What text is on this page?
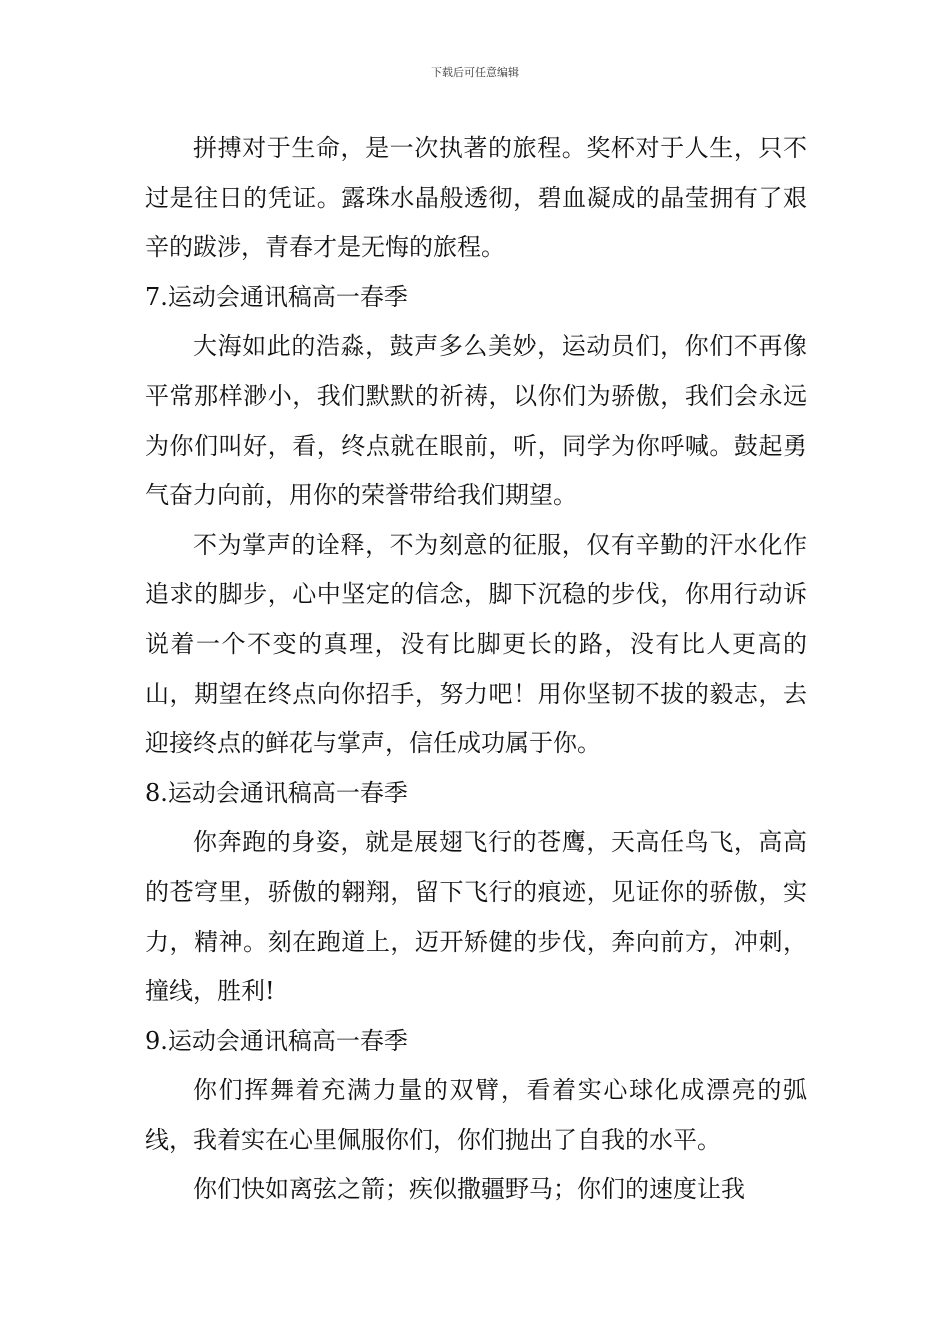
下载后可任意编辑

拼搏对于生命，是一次执著的旅程。奖杯对于人生，只不过是往日的凭证。露珠水晶般透彻，碧血凝成的晶莹拥有了艰辛的跋涉，青春才是无悔的旅程。

7.运动会通讯稿高一春季

大海如此的浩淼，鼓声多么美妙，运动员们，你们不再像平常那样渺小，我们默默的祈祷，以你们为骄傲，我们会永远为你们叫好，看，终点就在眼前，听，同学为你呼喊。鼓起勇气奋力向前，用你的荣誉带给我们期望。

不为掌声的诠释，不为刻意的征服，仅有辛勤的汗水化作追求的脚步，心中坚定的信念，脚下沉稳的步伐，你用行动诉说着一个不变的真理，没有比脚更长的路，没有比人更高的山，期望在终点向你招手，努力吧！用你坚韧不拔的毅志，去迎接终点的鲜花与掌声，信任成功属于你。

8.运动会通讯稿高一春季

你奔跑的身姿，就是展翅飞行的苍鹰，天高任鸟飞，高高的苍穹里，骄傲的翱翔，留下飞行的痕迹，见证你的骄傲，实力，精神。刻在跑道上，迈开矫健的步伐，奔向前方，冲刺，撞线，胜利!

9.运动会通讯稿高一春季

你们挥舞着充满力量的双臂，看着实心球化成漂亮的弧线，我着实在心里佩服你们，你们抛出了自我的水平。

你们快如离弦之箭；疾似撒疆野马；你们的速度让我
